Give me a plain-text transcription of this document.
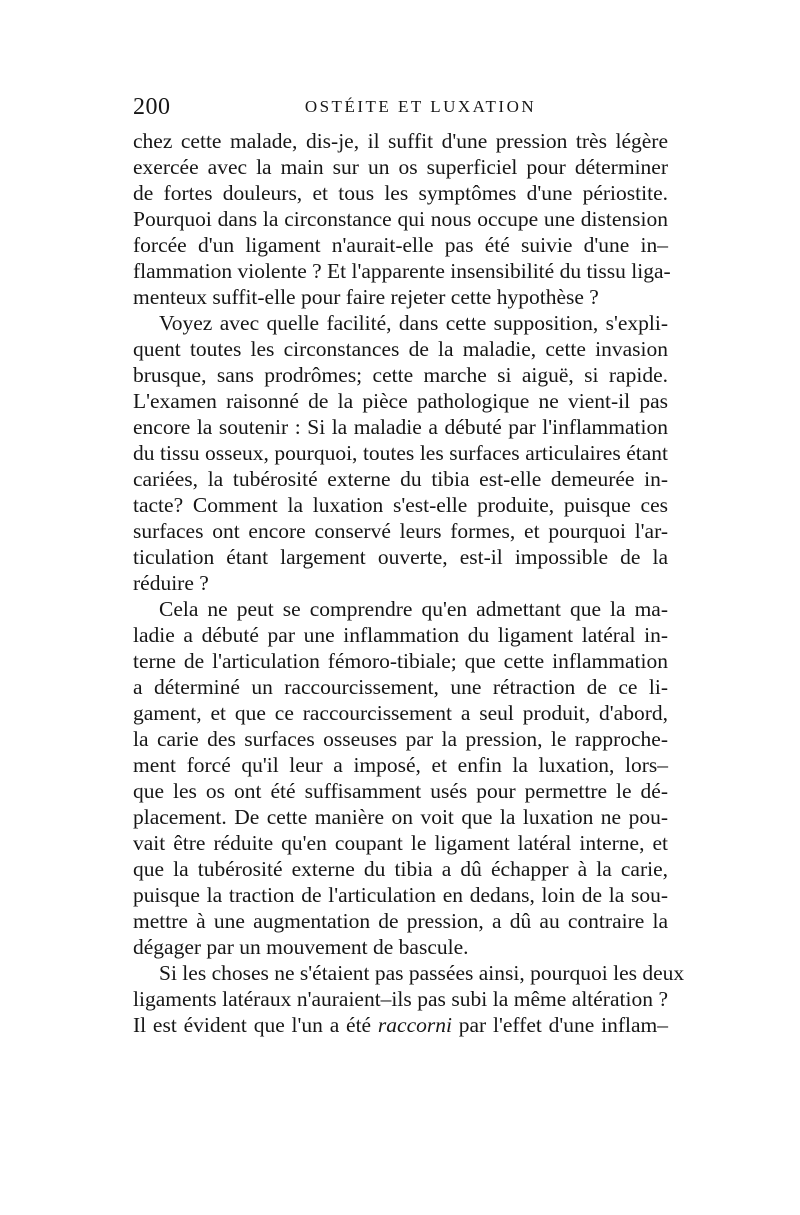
200	OSTÉITE ET LUXATION
chez cette malade, dis-je, il suffit d'une pression très légère
exercée avec la main sur un os superficiel pour déterminer
de fortes douleurs, et tous les symptômes d'une périostite.
Pourquoi dans la circonstance qui nous occupe une distension
forcée d'un ligament n'aurait-elle pas été suivie d'une in–
flammation violente ? Et l'apparente insensibilité du tissu liga-
menteux suffit-elle pour faire rejeter cette hypothèse ?
Voyez avec quelle facilité, dans cette supposition, s'expli-
quent toutes les circonstances de la maladie, cette invasion
brusque, sans prodrômes; cette marche si aiguë, si rapide.
L'examen raisonné de la pièce pathologique ne vient-il pas
encore la soutenir : Si la maladie a débuté par l'inflammation
du tissu osseux, pourquoi, toutes les surfaces articulaires étant
cariées, la tubérosité externe du tibia est-elle demeurée in-
tacte? Comment la luxation s'est-elle produite, puisque ces
surfaces ont encore conservé leurs formes, et pourquoi l'ar-
ticulation étant largement ouverte, est-il impossible de la
réduire ?
Cela ne peut se comprendre qu'en admettant que la ma-
ladie a débuté par une inflammation du ligament latéral in-
terne de l'articulation fémoro-tibiale; que cette inflammation
a déterminé un raccourcissement, une rétraction de ce li-
gament, et que ce raccourcissement a seul produit, d'abord,
la carie des surfaces osseuses par la pression, le rapproche-
ment forcé qu'il leur a imposé, et enfin la luxation, lors–
que les os ont été suffisamment usés pour permettre le dé-
placement. De cette manière on voit que la luxation ne pou-
vait être réduite qu'en coupant le ligament latéral interne, et
que la tubérosité externe du tibia a dû échapper à la carie,
puisque la traction de l'articulation en dedans, loin de la sou-
mettre à une augmentation de pression, a dû au contraire la
dégager par un mouvement de bascule.
Si les choses ne s'étaient pas passées ainsi, pourquoi les deux
ligaments latéraux n'auraient–ils pas subi la même altération ?
Il est évident que l'un a été raccorni par l'effet d'une inflam–
